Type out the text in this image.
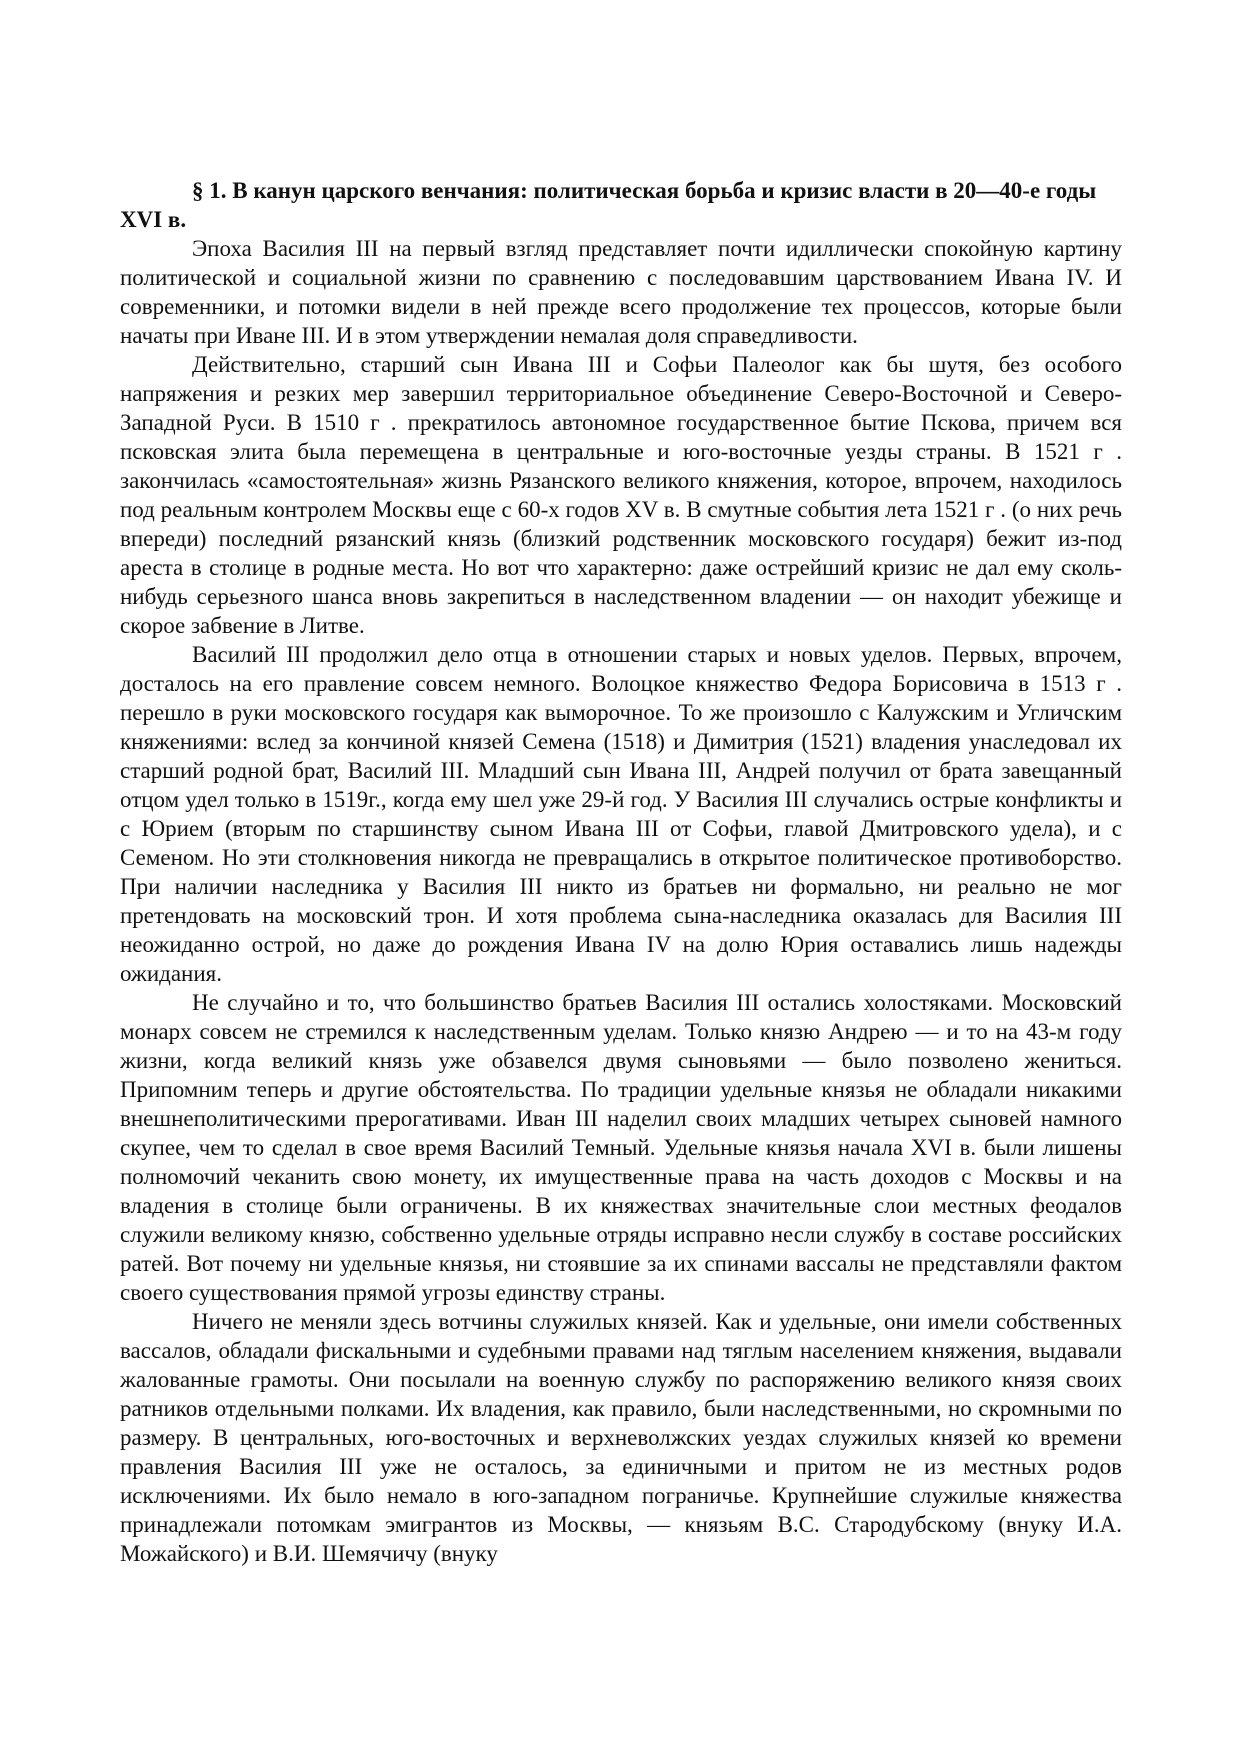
§ 1. В канун царского венчания: политическая борьба и кризис власти в 20—40-е годы XVI в.

Эпоха Василия III на первый взгляд представляет почти идиллически спокойную картину политической и социальной жизни по сравнению с последовавшим царствованием Ивана IV. И современники, и потомки видели в ней прежде всего продолжение тех процессов, которые были начаты при Иване III. И в этом утверждении немалая доля справедливости.

Действительно, старший сын Ивана III и Софьи Палеолог как бы шутя, без особого напряжения и резких мер завершил территориальное объединение Северо-Восточной и Северо-Западной Руси. В 1510 г . прекратилось автономное государственное бытие Пскова, причем вся псковская элита была перемещена в центральные и юго-восточные уезды страны. В 1521 г . закончилась «самостоятельная» жизнь Рязанского великого княжения, которое, впрочем, находилось под реальным контролем Москвы еще с 60-х годов XV в. В смутные события лета 1521 г . (о них речь впереди) последний рязанский князь (близкий родственник московского государя) бежит из-под ареста в столице в родные места. Но вот что характерно: даже острейший кризис не дал ему сколь-нибудь серьезного шанса вновь закрепиться в наследственном владении — он находит убежище и скорое забвение в Литве.

Василий III продолжил дело отца в отношении старых и новых уделов. Первых, впрочем, досталось на его правление совсем немного. Волоцкое княжество Федора Борисовича в 1513 г . перешло в руки московского государя как выморочное. То же произошло с Калужским и Угличским княжениями: вслед за кончиной князей Семена (1518) и Димитрия (1521) владения унаследовал их старший родной брат, Василий III. Младший сын Ивана III, Андрей получил от брата завещанный отцом удел только в 1519г., когда ему шел уже 29-й год. У Василия III случались острые конфликты и с Юрием (вторым по старшинству сыном Ивана III от Софьи, главой Дмитровского удела), и с Семеном. Но эти столкновения никогда не превращались в открытое политическое противоборство. При наличии наследника у Василия III никто из братьев ни формально, ни реально не мог претендовать на московский трон. И хотя проблема сына-наследника оказалась для Василия III неожиданно острой, но даже до рождения Ивана IV на долю Юрия оставались лишь надежды ожидания.

Не случайно и то, что большинство братьев Василия III остались холостяками. Московский монарх совсем не стремился к наследственным уделам. Только князю Андрею — и то на 43-м году жизни, когда великий князь уже обзавелся двумя сыновьями — было позволено жениться. Припомним теперь и другие обстоятельства. По традиции удельные князья не обладали никакими внешнеполитическими прерогативами. Иван III наделил своих младших четырех сыновей намного скупее, чем то сделал в свое время Василий Темный. Удельные князья начала XVI в. были лишены полномочий чеканить свою монету, их имущественные права на часть доходов с Москвы и на владения в столице были ограничены. В их княжествах значительные слои местных феодалов служили великому князю, собственно удельные отряды исправно несли службу в составе российских ратей. Вот почему ни удельные князья, ни стоявшие за их спинами вассалы не представляли фактом своего существования прямой угрозы единству страны.

Ничего не меняли здесь вотчины служилых князей. Как и удельные, они имели собственных вассалов, обладали фискальными и судебными правами над тяглым населением княжения, выдавали жалованные грамоты. Они посылали на военную службу по распоряжению великого князя своих ратников отдельными полками. Их владения, как правило, были наследственными, но скромными по размеру. В центральных, юго-восточных и верхневолжских уездах служилых князей ко времени правления Василия III уже не осталось, за единичными и притом не из местных родов исключениями. Их было немало в юго-западном пограничье. Крупнейшие служилые княжества принадлежали потомкам эмигрантов из Москвы, — князьям В.С. Стародубскому (внуку И.А. Можайского) и В.И. Шемячичу (внуку
